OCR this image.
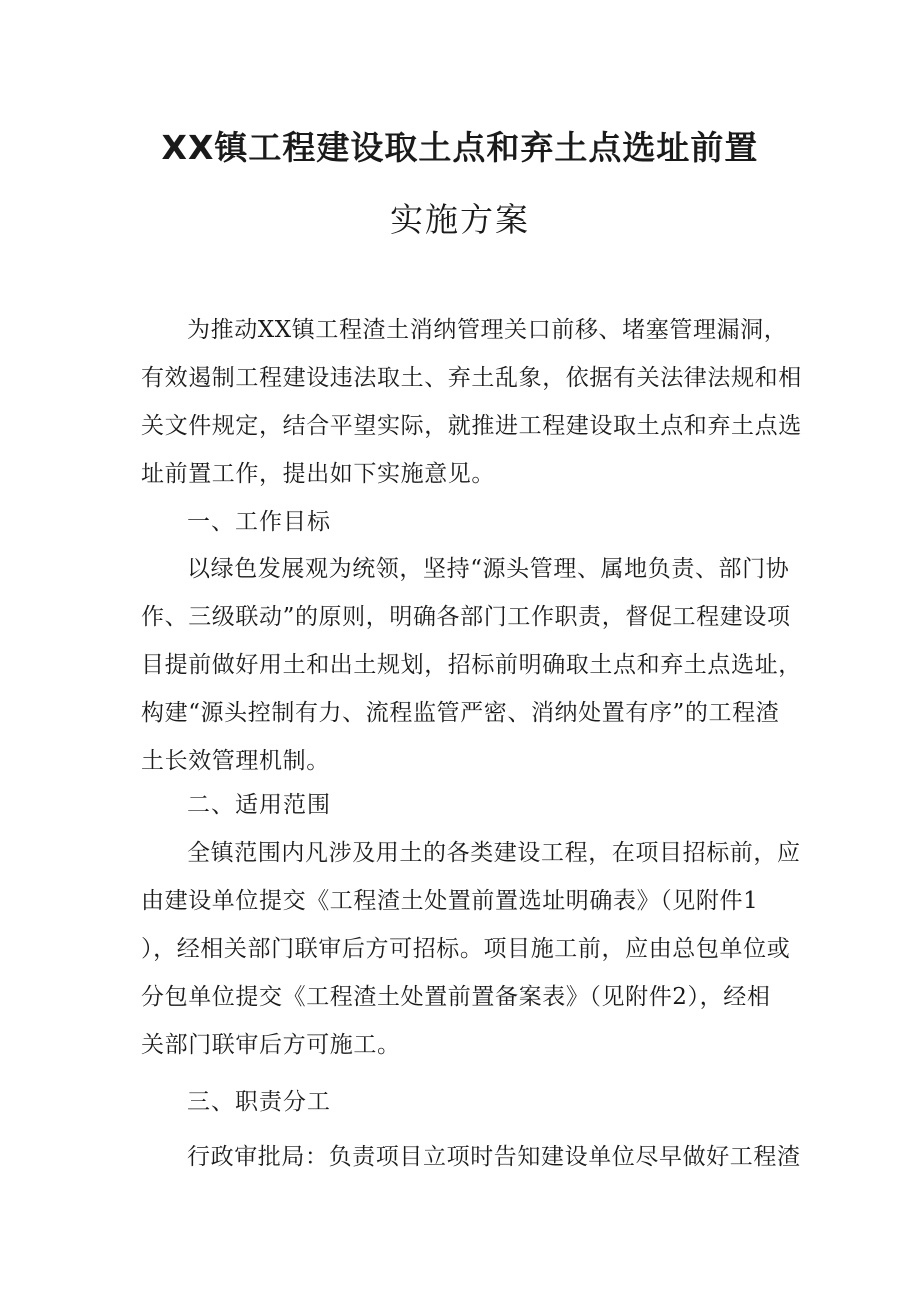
XX镇工程建设取土点和弃土点选址前置
实施方案
为推动XX镇工程渣土消纳管理关口前移、堵塞管理漏洞，
有效遏制工程建设违法取土、弃土乱象，依据有关法律法规和相
关文件规定，结合平望实际，就推进工程建设取土点和弃土点选
址前置工作，提出如下实施意见。

一、工作目标

以绿色发展观为统领，坚持“源头管理、属地负责、部门协
作、三级联动”的原则，明确各部门工作职责，督促工程建设项
目提前做好用土和出土规划，招标前明确取土点和弃土点选址，
构建“源头控制有力、流程监管严密、消纳处置有序”的工程渣
土长效管理机制。

二、适用范围

全镇范围内凡涉及用土的各类建设工程，在项目招标前，应
由建设单位提交《工程渣土处置前置选址明确表》（见附件1
），经相关部门联审后方可招标。项目施工前，应由总包单位或
分包单位提交《工程渣土处置前置备案表》（见附件2），经相
关部门联审后方可施工。

三、职责分工

行政审批局：负责项目立项时告知建设单位尽早做好工程渣
